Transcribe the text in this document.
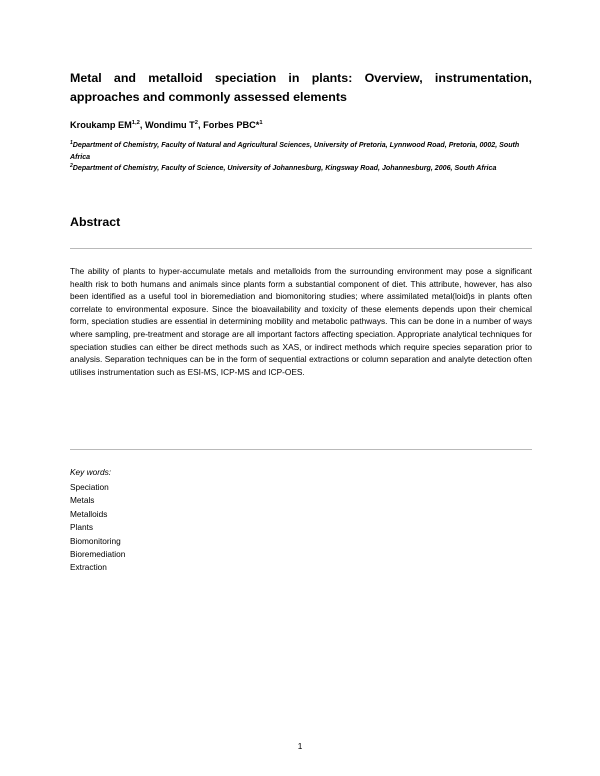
Metal and metalloid speciation in plants: Overview, instrumentation, approaches and commonly assessed elements
Kroukamp EM$^{1,2}$, Wondimu $T^2$, Forbes PBC*$^1$
$^1$Department of Chemistry, Faculty of Natural and Agricultural Sciences, University of Pretoria, Lynnwood Road, Pretoria, 0002, South Africa
$^2$Department of Chemistry, Faculty of Science, University of Johannesburg, Kingsway Road, Johannesburg, 2006, South Africa
Abstract
The ability of plants to hyper-accumulate metals and metalloids from the surrounding environment may pose a significant health risk to both humans and animals since plants form a substantial component of diet. This attribute, however, has also been identified as a useful tool in bioremediation and biomonitoring studies; where assimilated metal(loid)s in plants often correlate to environmental exposure. Since the bioavailability and toxicity of these elements depends upon their chemical form, speciation studies are essential in determining mobility and metabolic pathways. This can be done in a number of ways where sampling, pre-treatment and storage are all important factors affecting speciation. Appropriate analytical techniques for speciation studies can either be direct methods such as XAS, or indirect methods which require species separation prior to analysis. Separation techniques can be in the form of sequential extractions or column separation and analyte detection often utilises instrumentation such as ESI-MS, ICP-MS and ICP-OES.
Key words:
Speciation
Metals
Metalloids
Plants
Biomonitoring
Bioremediation
Extraction
1
